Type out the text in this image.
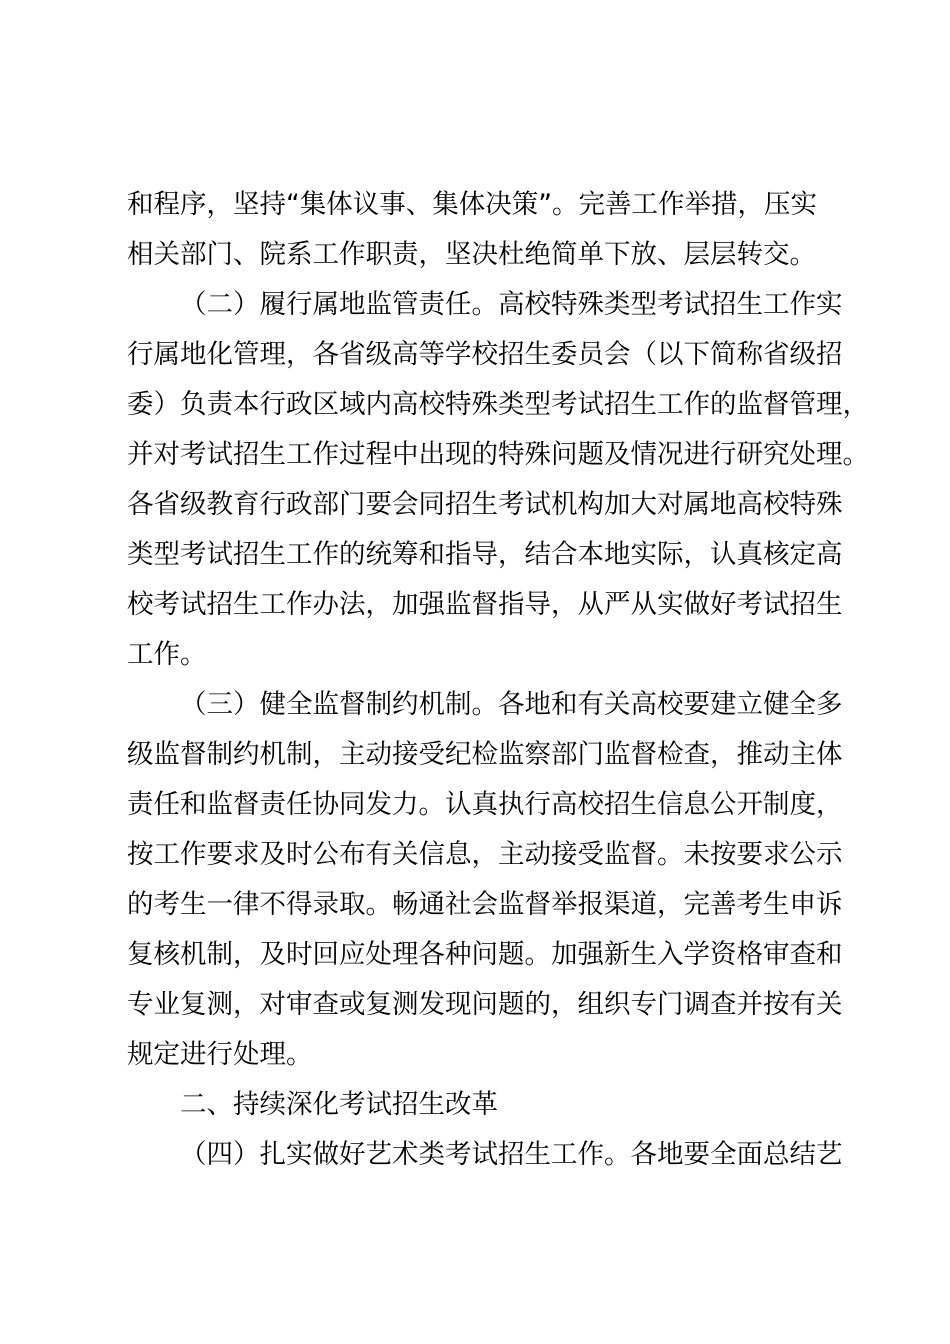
和程序，坚持“集体议事、集体决策”。完善工作举措，压实
相关部门、院系工作职责，坚决杜绝简单下放、层层转交。
（二）履行属地监管责任。高校特殊类型考试招生工作实
行属地化管理，各省级高等学校招生委员会（以下简称省级招
委）负责本行政区域内高校特殊类型考试招生工作的监督管理，
并对考试招生工作过程中出现的特殊问题及情况进行研究处理。
各省级教育行政部门要会同招生考试机构加大对属地高校特殊
类型考试招生工作的统筹和指导，结合本地实际，认真核定高
校考试招生工作办法，加强监督指导，从严从实做好考试招生
工作。
（三）健全监督制约机制。各地和有关高校要建立健全多
级监督制约机制，主动接受纪检监察部门监督检查，推动主体
责任和监督责任协同发力。认真执行高校招生信息公开制度，
按工作要求及时公布有关信息，主动接受监督。未按要求公示
的考生一律不得录取。畅通社会监督举报渠道，完善考生申诉
复核机制，及时回应处理各种问题。加强新生入学资格审查和
专业复测，对审查或复测发现问题的，组织专门调查并按有关
规定进行处理。
二、持续深化考试招生改革
（四）扎实做好艺术类考试招生工作。各地要全面总结艺
